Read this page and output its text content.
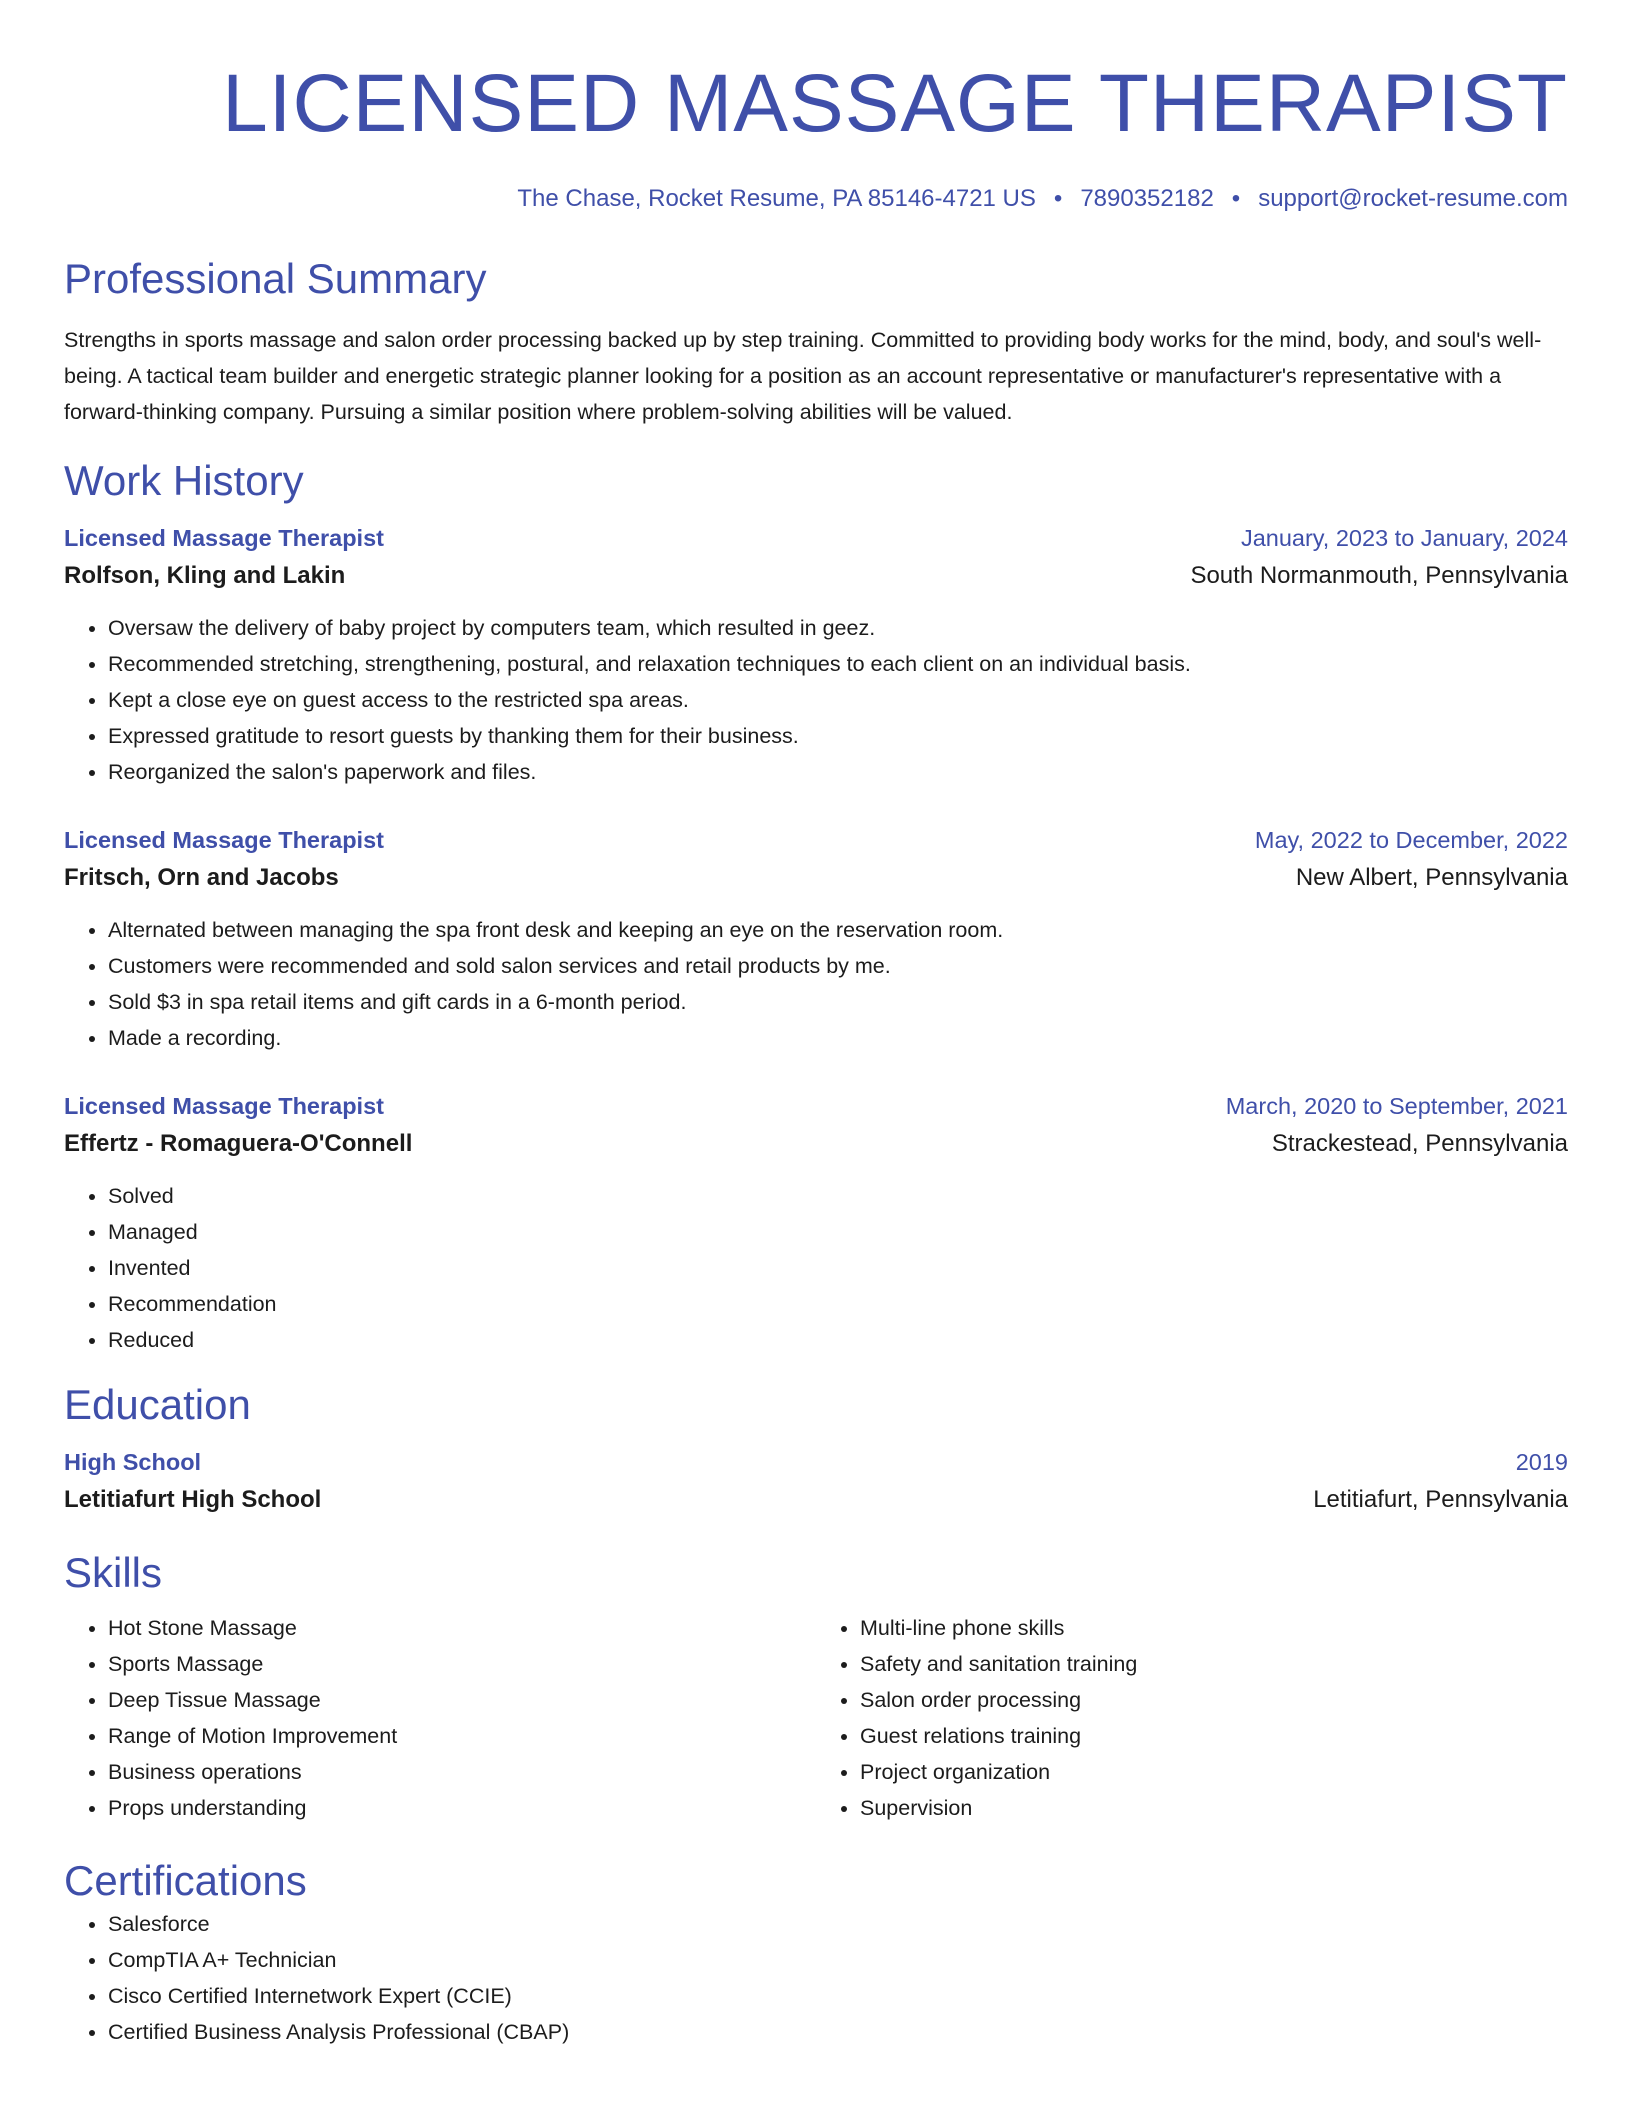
LICENSED MASSAGE THERAPIST
The Chase, Rocket Resume, PA 85146-4721 US • 7890352182 • support@rocket-resume.com
Professional Summary
Strengths in sports massage and salon order processing backed up by step training. Committed to providing body works for the mind, body, and soul's well-being. A tactical team builder and energetic strategic planner looking for a position as an account representative or manufacturer's representative with a forward-thinking company. Pursuing a similar position where problem-solving abilities will be valued.
Work History
Licensed Massage Therapist	January, 2023 to January, 2024
Rolfson, Kling and Lakin	South Normanmouth, Pennsylvania
• Oversaw the delivery of baby project by computers team, which resulted in geez.
• Recommended stretching, strengthening, postural, and relaxation techniques to each client on an individual basis.
• Kept a close eye on guest access to the restricted spa areas.
• Expressed gratitude to resort guests by thanking them for their business.
• Reorganized the salon's paperwork and files.
Licensed Massage Therapist	May, 2022 to December, 2022
Fritsch, Orn and Jacobs	New Albert, Pennsylvania
• Alternated between managing the spa front desk and keeping an eye on the reservation room.
• Customers were recommended and sold salon services and retail products by me.
• Sold $3 in spa retail items and gift cards in a 6-month period.
• Made a recording.
Licensed Massage Therapist	March, 2020 to September, 2021
Effertz - Romaguera-O'Connell	Strackestead, Pennsylvania
• Solved
• Managed
• Invented
• Recommendation
• Reduced
Education
High School	2019
Letitiafurt High School	Letitiafurt, Pennsylvania
Skills
• Hot Stone Massage
• Sports Massage
• Deep Tissue Massage
• Range of Motion Improvement
• Business operations
• Props understanding
• Multi-line phone skills
• Safety and sanitation training
• Salon order processing
• Guest relations training
• Project organization
• Supervision
Certifications
• Salesforce
• CompTIA A+ Technician
• Cisco Certified Internetwork Expert (CCIE)
• Certified Business Analysis Professional (CBAP)
